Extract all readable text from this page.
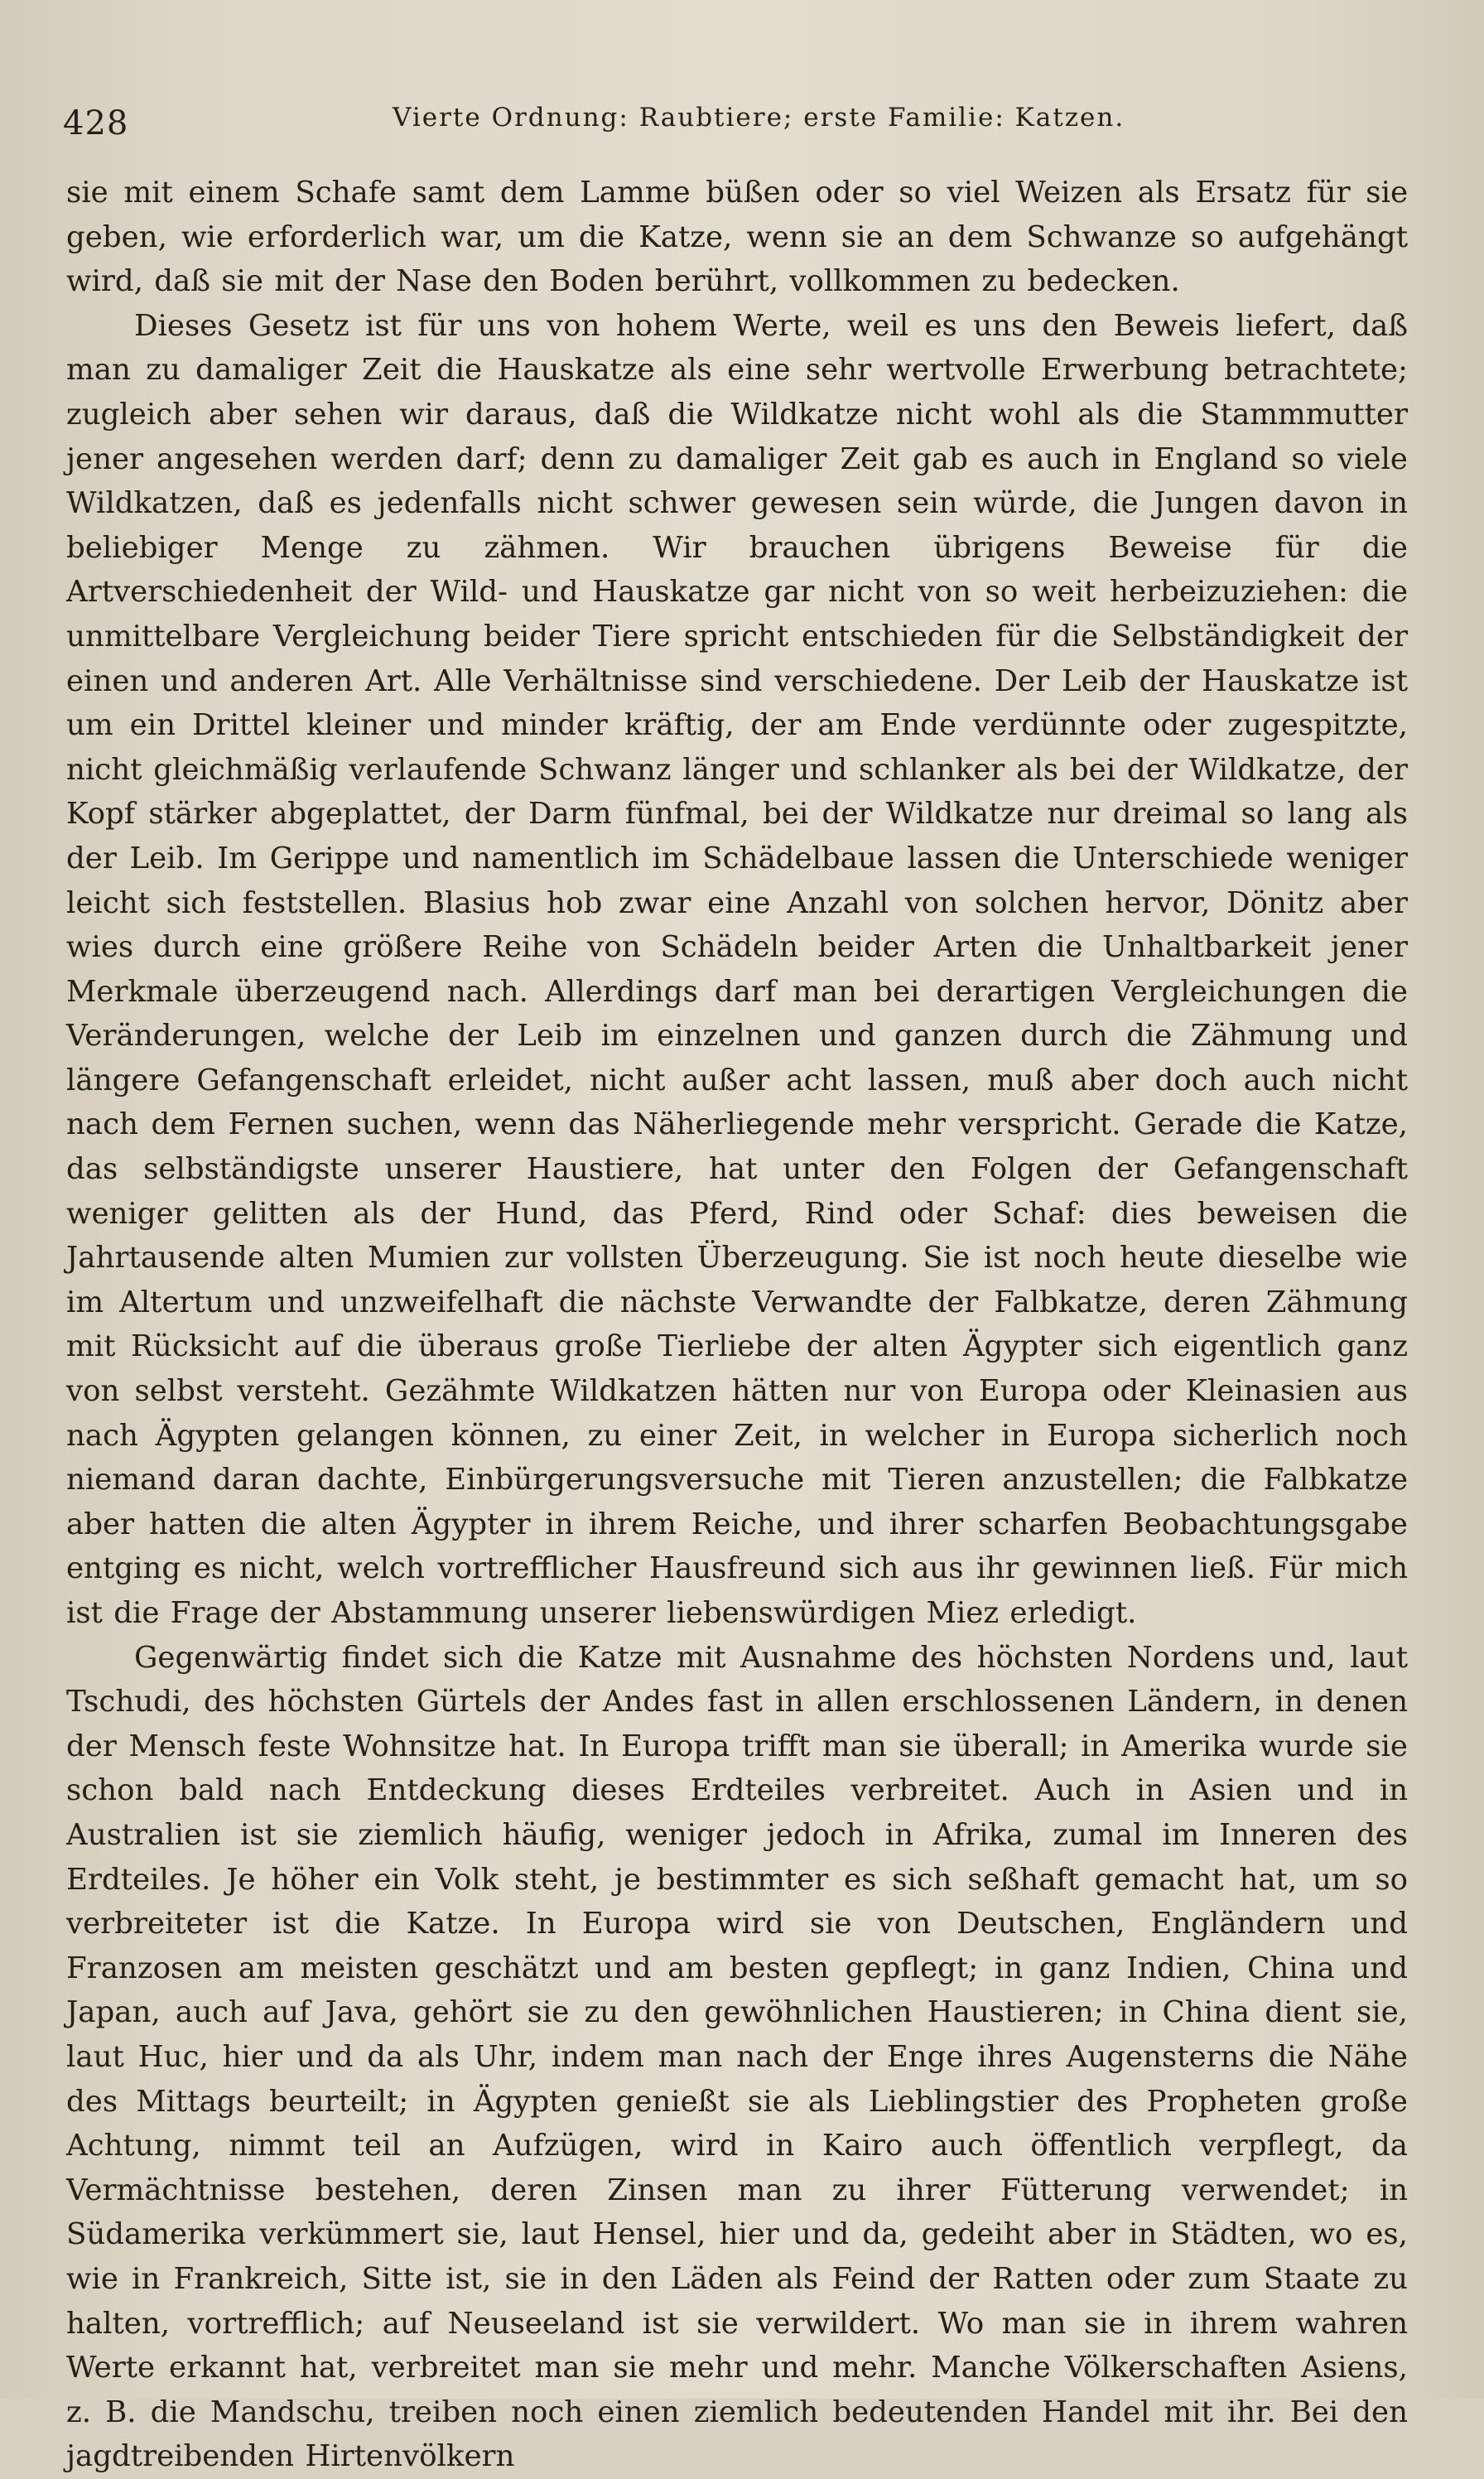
428	Vierte Ordnung: Raubtiere; erste Familie: Katzen.

sie mit einem Schafe samt dem Lamme büßen oder so viel Weizen als Ersatz für sie geben, wie erforderlich war, um die Katze, wenn sie an dem Schwanze so aufgehängt wird, daß sie mit der Nase den Boden berührt, vollkommen zu bedecken.

Dieses Gesetz ist für uns von hohem Werte, weil es uns den Beweis liefert, daß man zu damaliger Zeit die Hauskatze als eine sehr wertvolle Erwerbung betrachtete; zugleich aber sehen wir daraus, daß die Wildkatze nicht wohl als die Stammmutter jener angesehen werden darf; denn zu damaliger Zeit gab es auch in England so viele Wildkatzen, daß es jedenfalls nicht schwer gewesen sein würde, die Jungen davon in beliebiger Menge zu zähmen. Wir brauchen übrigens Beweise für die Artverschiedenheit der Wild- und Hauskatze gar nicht von so weit herbeizuziehen: die unmittelbare Vergleichung beider Tiere spricht entschieden für die Selbständigkeit der einen und anderen Art. Alle Verhältnisse sind verschiedene. Der Leib der Hauskatze ist um ein Drittel kleiner und minder kräftig, der am Ende verdünnte oder zugespitzte, nicht gleichmäßig verlaufende Schwanz länger und schlanker als bei der Wildkatze, der Kopf stärker abgeplattet, der Darm fünfmal, bei der Wildkatze nur dreimal so lang als der Leib. Im Gerippe und namentlich im Schädelbaue lassen die Unterschiede weniger leicht sich feststellen. Blasius hob zwar eine Anzahl von solchen hervor, Dönitz aber wies durch eine größere Reihe von Schädeln beider Arten die Unhaltbarkeit jener Merkmale überzeugend nach. Allerdings darf man bei derartigen Vergleichungen die Veränderungen, welche der Leib im einzelnen und ganzen durch die Zähmung und längere Gefangenschaft erleidet, nicht außer acht lassen, muß aber doch auch nicht nach dem Fernen suchen, wenn das Näherliegende mehr verspricht. Gerade die Katze, das selbständigste unserer Haustiere, hat unter den Folgen der Gefangenschaft weniger gelitten als der Hund, das Pferd, Rind oder Schaf: dies beweisen die Jahrtausende alten Mumien zur vollsten Überzeugung. Sie ist noch heute dieselbe wie im Altertum und unzweifelhaft die nächste Verwandte der Falbkatze, deren Zähmung mit Rücksicht auf die überaus große Tierliebe der alten Ägypter sich eigentlich ganz von selbst versteht. Gezähmte Wildkatzen hätten nur von Europa oder Kleinasien aus nach Ägypten gelangen können, zu einer Zeit, in welcher in Europa sicherlich noch niemand daran dachte, Einbürgerungsversuche mit Tieren anzustellen; die Falbkatze aber hatten die alten Ägypter in ihrem Reiche, und ihrer scharfen Beobachtungsgabe entging es nicht, welch vortrefflicher Hausfreund sich aus ihr gewinnen ließ. Für mich ist die Frage der Abstammung unserer liebenswürdigen Miez erledigt.

Gegenwärtig findet sich die Katze mit Ausnahme des höchsten Nordens und, laut Tschudi, des höchsten Gürtels der Andes fast in allen erschlossenen Ländern, in denen der Mensch feste Wohnsitze hat. In Europa trifft man sie überall; in Amerika wurde sie schon bald nach Entdeckung dieses Erdteiles verbreitet. Auch in Asien und in Australien ist sie ziemlich häufig, weniger jedoch in Afrika, zumal im Inneren des Erdteiles. Je höher ein Volk steht, je bestimmter es sich seßhaft gemacht hat, um so verbreiteter ist die Katze. In Europa wird sie von Deutschen, Engländern und Franzosen am meisten geschätzt und am besten gepflegt; in ganz Indien, China und Japan, auch auf Java, gehört sie zu den gewöhnlichen Haustieren; in China dient sie, laut Huc, hier und da als Uhr, indem man nach der Enge ihres Augensterns die Nähe des Mittags beurteilt; in Ägypten genießt sie als Lieblingstier des Propheten große Achtung, nimmt teil an Aufzügen, wird in Kairo auch öffentlich verpflegt, da Vermächtnisse bestehen, deren Zinsen man zu ihrer Fütterung verwendet; in Südamerika verkümmert sie, laut Hensel, hier und da, gedeiht aber in Städten, wo es, wie in Frankreich, Sitte ist, sie in den Läden als Feind der Ratten oder zum Staate zu halten, vortrefflich; auf Neuseeland ist sie verwildert. Wo man sie in ihrem wahren Werte erkannt hat, verbreitet man sie mehr und mehr. Manche Völkerschaften Asiens, z. B. die Mandschu, treiben noch einen ziemlich bedeutenden Handel mit ihr. Bei den jagdtreibenden Hirtenvölkern
